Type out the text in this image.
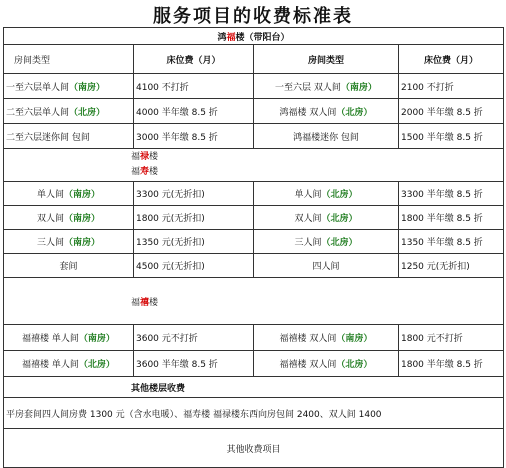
服务项目的收费标准表
鸿福楼（带阳台）			
房间类型	床位费（月）	房间类型	床位费（月）
一至六层单人间（南房）	4100 不打折	一至六层 双人间（南房）	2100 不打折
二至六层单人间（北房）	4000 半年缴 8.5 折	鸿福楼 双人间（北房）	2000 半年缴 8.5 折
二至六层迷你间 包间	3000 半年缴 8.5 折	鸿福楼迷你 包间	1500 半年缴 8.5 折

福禄楼
福寿楼			

单人间（南房）	3300 元(无折扣)	单人间（北房）	3300 半年缴 8.5 折
双人间（南房）	1800 元(无折扣)	双人间（北房）	1800 半年缴 8.5 折
三人间（南房）	1350 元(无折扣)	三人间（北房）	1350 半年缴 8.5 折
套间	4500 元(无折扣)	四人间	1250 元(无折扣)
福禧楼			
福禧楼 单人间（南房）	3600 元不打折	福禧楼 双人间（南房）	1800 元不打折
福禧楼 单人间（北房）	3600 半年缴 8.5 折	福禧楼 双人间（北房）	1800 半年缴 8.5 折
其他楼层收费			
平房套间四人间房费 1300 元（含水电暖）、福寿楼 福禄楼东西向房包间 2400、双人间 1400			
其他收费项目			
